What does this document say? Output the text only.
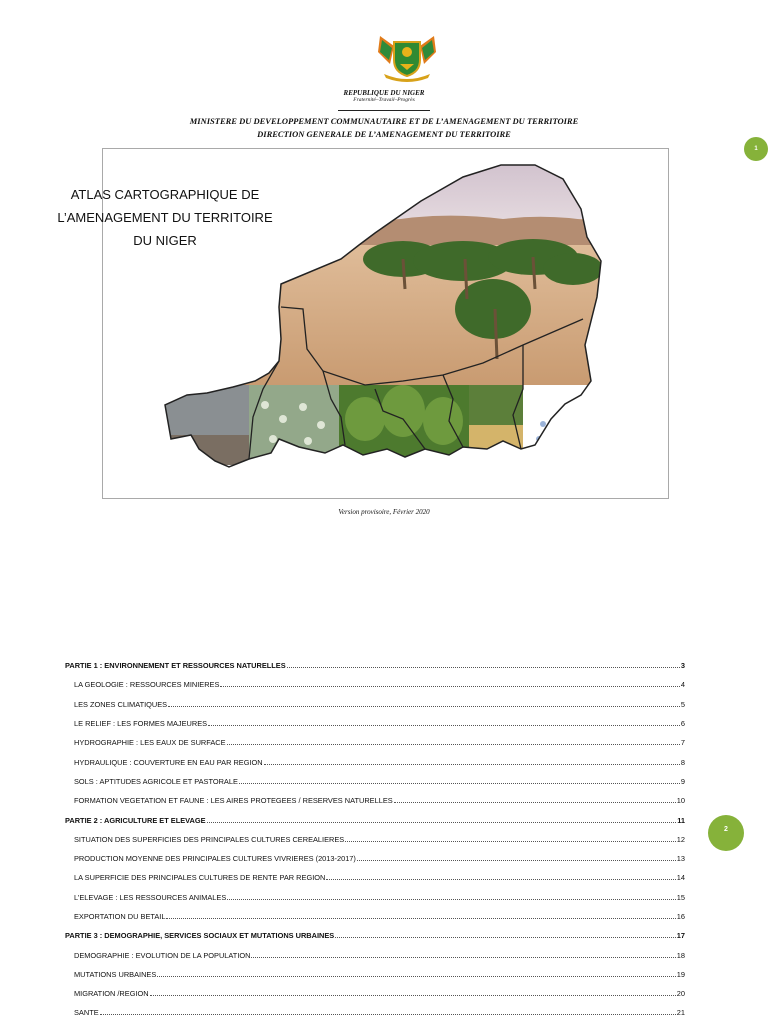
REPUBLIQUE DU NIGER
Fraternité–Travail–Progrès
MINISTERE DU DEVELOPPEMENT COMMUNAUTAIRE ET DE L’AMENAGEMENT DU TERRITOIRE
DIRECTION GENERALE DE L’AMENAGEMENT DU TERRITOIRE
ATLAS CARTOGRAPHIQUE DE
L’AMENAGEMENT DU TERRITOIRE
DU NIGER
Version provisoire, Février 2020
1
2
PARTIE 1 : ENVIRONNEMENT ET RESSOURCES NATURELLES	3
LA GEOLOGIE : RESSOURCES MINIERES	4
LES ZONES CLIMATIQUES	5
LE RELIEF : LES FORMES MAJEURES	6
HYDROGRAPHIE : LES EAUX DE SURFACE	7
HYDRAULIQUE : COUVERTURE EN EAU PAR REGION	8
SOLS : APTITUDES AGRICOLE ET PASTORALE	9
FORMATION VEGETATION ET FAUNE : LES AIRES PROTEGEES / RESERVES NATURELLES	10
PARTIE 2 : AGRICULTURE ET ELEVAGE	11
SITUATION DES SUPERFICIES DES PRINCIPALES CULTURES CEREALIERES	12
PRODUCTION MOYENNE DES PRINCIPALES CULTURES VIVRIERES (2013-2017)	13
LA SUPERFICIE DES PRINCIPALES CULTURES DE RENTE PAR REGION	14
L’ELEVAGE : LES RESSOURCES ANIMALES	15
EXPORTATION DU BETAIL	16
PARTIE 3 : DEMOGRAPHIE, SERVICES SOCIAUX ET MUTATIONS URBAINES	17
DEMOGRAPHIE : EVOLUTION DE LA POPULATION	18
MUTATIONS URBAINES	19
MIGRATION /REGION	20
SANTE	21
